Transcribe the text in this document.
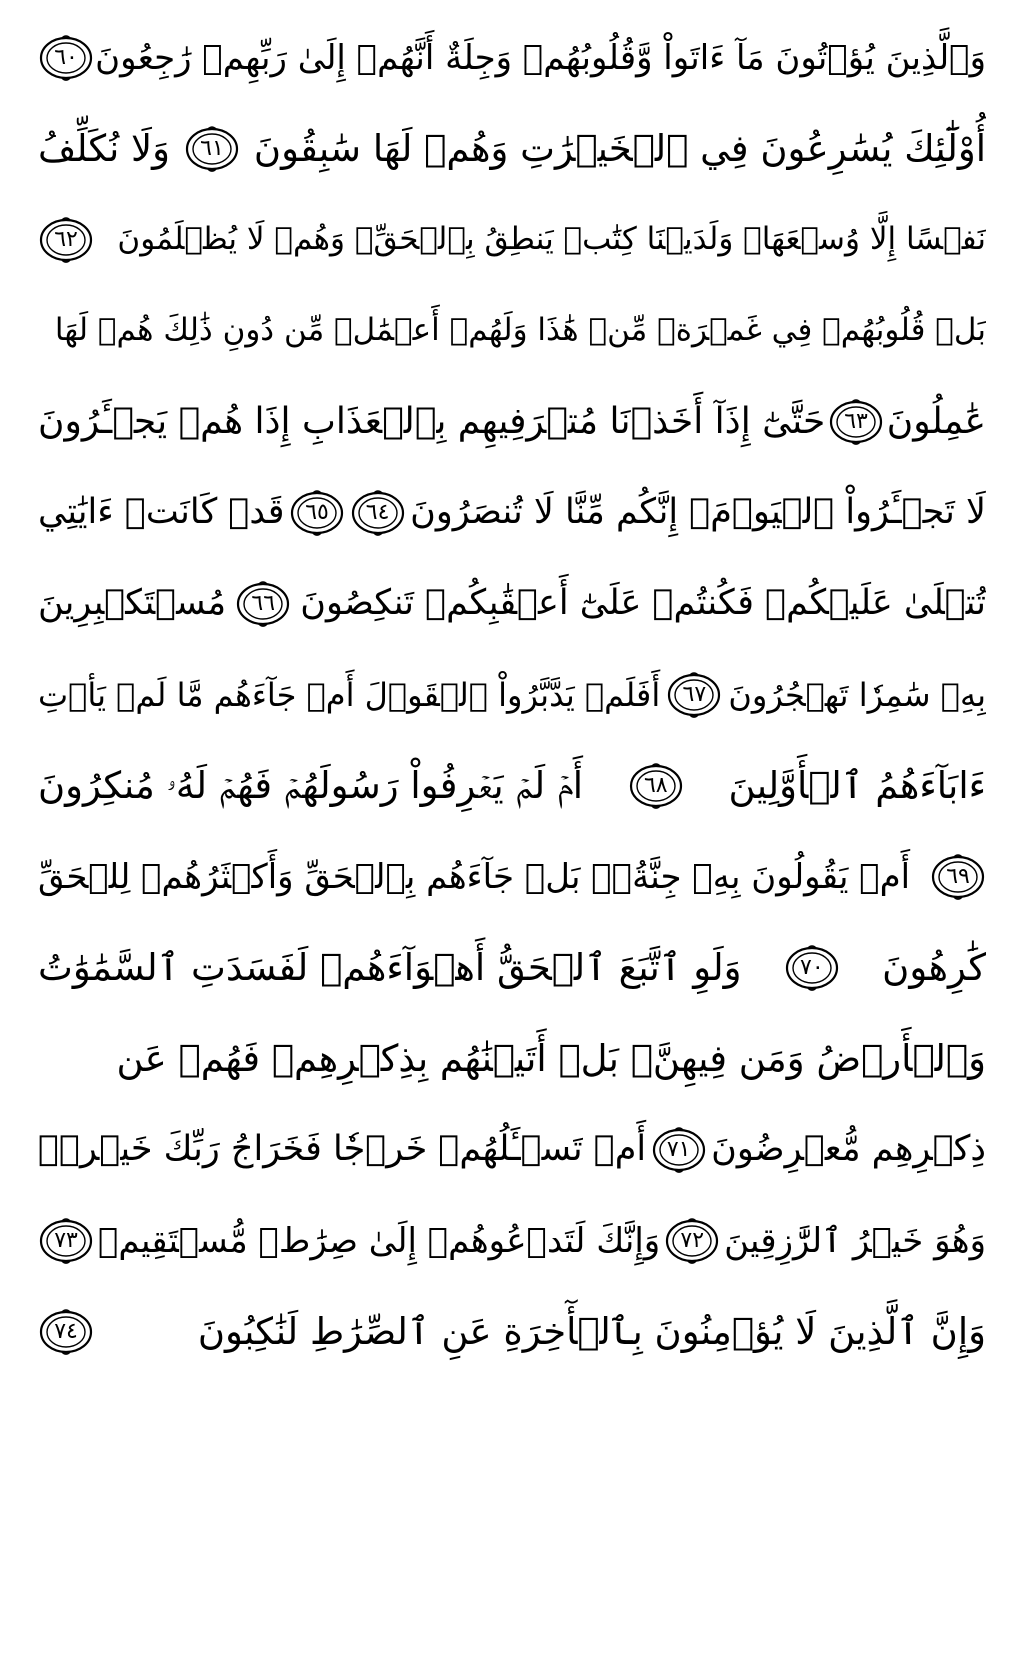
وَٱلَّذِينَ يُؤۡتُونَ مَآ ءَاتَواْ وَّقُلُوبُهُمۡ وَجِلَةٌ أَنَّهُمۡ إِلَىٰ رَبِّهِمۡ رَٰجِعُونَ
٦٠
أُوْلَٰٓئِكَ يُسَٰرِعُونَ فِي ٱلۡخَيۡرَٰتِ وَهُمۡ لَهَا سَٰبِقُونَ
٦١
وَلَا نُكَلِّفُ
نَفۡسًا إِلَّا وُسۡعَهَاۚ وَلَدَيۡنَا كِتَٰبٞ يَنطِقُ بِٱلۡحَقِّۚ وَهُمۡ لَا يُظۡلَمُونَ
٦٢
بَلۡ قُلُوبُهُمۡ فِي غَمۡرَةٖ مِّنۡ هَٰذَا وَلَهُمۡ أَعۡمَٰلٞ مِّن دُونِ ذَٰلِكَ هُمۡ لَهَا
عَٰمِلُونَ
٦٣
حَتَّىٰٓ إِذَآ أَخَذۡنَا مُتۡرَفِيهِم بِٱلۡعَذَابِ إِذَا هُمۡ يَجۡـَٔرُونَ
لَا تَجۡـَٔرُواْ ٱلۡيَوۡمَۖ إِنَّكُم مِّنَّا لَا تُنصَرُونَ
٦٤
٦٥
قَدۡ كَانَتۡ ءَايَٰتِي
تُتۡلَىٰ عَلَيۡكُمۡ فَكُنتُمۡ عَلَىٰٓ أَعۡقَٰبِكُمۡ تَنكِصُونَ
٦٦
مُسۡتَكۡبِرِينَ
بِهِۦ سَٰمِرٗا تَهۡجُرُونَ
٦٧
أَفَلَمۡ يَدَّبَّرُواْ ٱلۡقَوۡلَ أَمۡ جَآءَهُم مَّا لَمۡ يَأۡتِ
ءَابَآءَهُمُ ٱلۡأَوَّلِينَ
٦٨
أَمۡ لَمۡ يَعۡرِفُواْ رَسُولَهُمۡ فَهُمۡ لَهُۥ مُنكِرُونَ
٦٩
أَمۡ يَقُولُونَ بِهِۦ جِنَّةُۢۚ بَلۡ جَآءَهُم بِٱلۡحَقِّ وَأَكۡثَرُهُمۡ لِلۡحَقِّ
كَٰرِهُونَ
٧٠
وَلَوِ ٱتَّبَعَ ٱلۡحَقُّ أَهۡوَآءَهُمۡ لَفَسَدَتِ ٱلسَّمَٰوَٰتُ
وَٱلۡأَرۡضُ وَمَن فِيهِنَّۚ بَلۡ أَتَيۡنَٰهُم بِذِكۡرِهِمۡ فَهُمۡ عَن
ذِكۡرِهِم مُّعۡرِضُونَ
٧١
أَمۡ تَسۡـَٔلُهُمۡ خَرۡجٗا فَخَرَاجُ رَبِّكَ خَيۡرٞۖ
وَهُوَ خَيۡرُ ٱلرَّٰزِقِينَ
٧٢
وَإِنَّكَ لَتَدۡعُوهُمۡ إِلَىٰ صِرَٰطٖ مُّسۡتَقِيمٖ
٧٣
وَإِنَّ ٱلَّذِينَ لَا يُؤۡمِنُونَ بِٱلۡأٓخِرَةِ عَنِ ٱلصِّرَٰطِ لَنَٰكِبُونَ
٧٤
